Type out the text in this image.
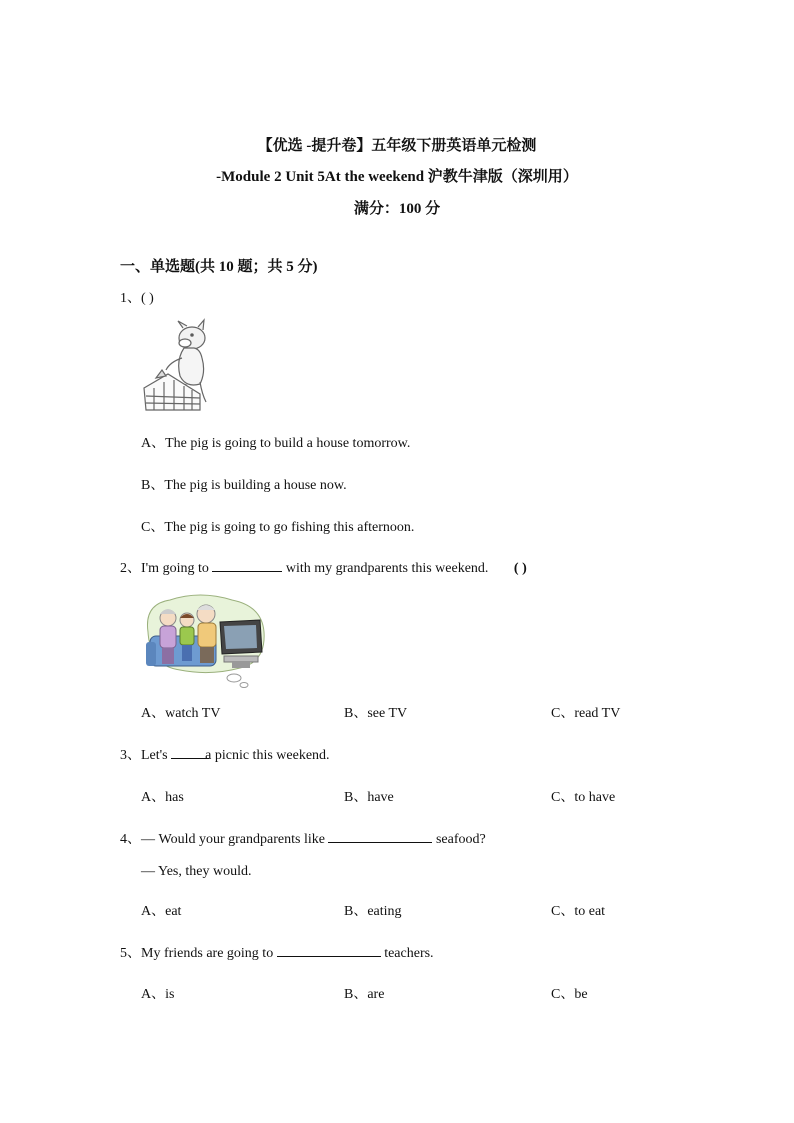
【优选 -提升卷】五年级下册英语单元检测
-Module 2 Unit 5At the weekend 沪教牛津版（深圳用）
满分：100 分
一、单选题(共 10 题；共 5 分)
1、( )
A、The pig is going to build a house tomorrow.
B、The pig is building a house now.
C、The pig is going to go fishing this afternoon.
2、I'm going to	with my grandparents this weekend. ( )
A、watch TV	B、see TV	C、read TV
3、Let's	a picnic this weekend.
A、has	B、have	C、to have
4、— Would your grandparents like	seafood?
— Yes, they would.
A、eat	B、eating	C、to eat
5、My friends are going to	teachers.
A、is	B、are	C、be
